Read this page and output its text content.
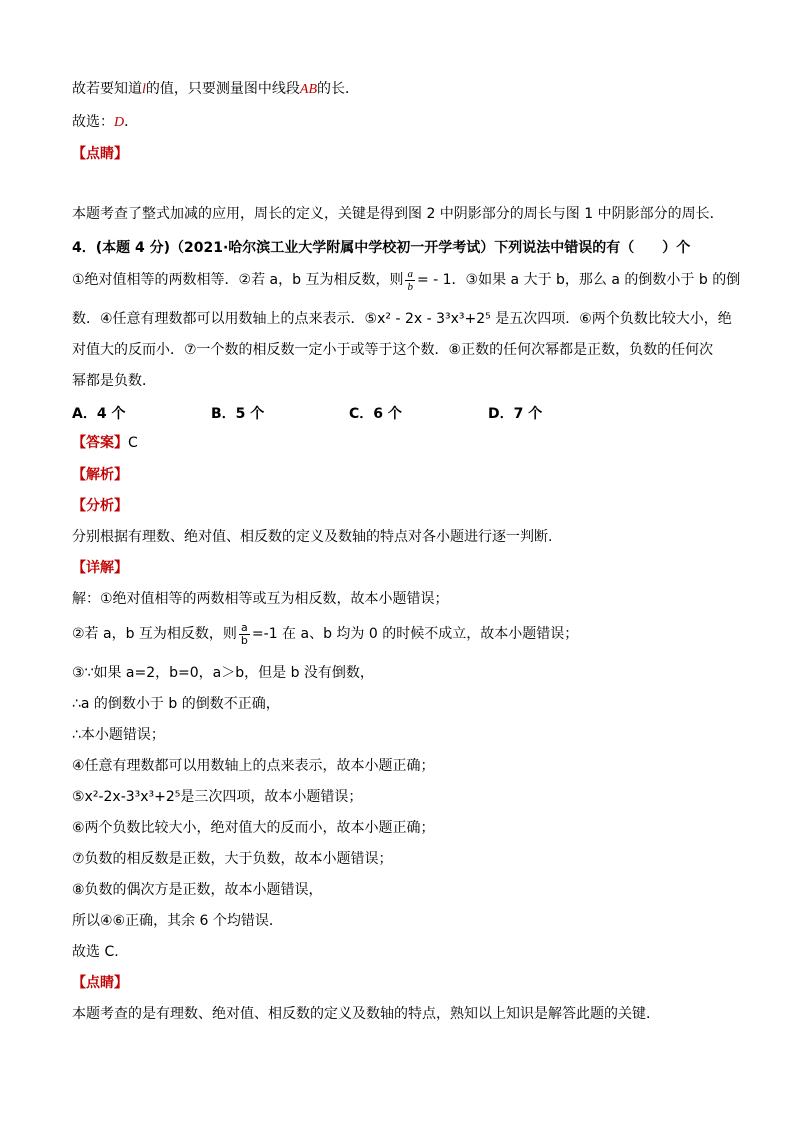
故若要知道l的值，只要测量图中线段AB的长．
故选：D．
【点睛】
本题考查了整式加减的应用，周长的定义，关键是得到图 2 中阴影部分的周长与图 1 中阴影部分的周长．
4．(本题 4 分)（2021·哈尔滨工业大学附属中学校初一开学考试）下列说法中错误的有（　　）个
①绝对值相等的两数相等．②若 a，b 互为相反数，则 $\frac{a}{b}$ = - 1．③如果 a 大于 b，那么 a 的倒数小于 b 的倒
数．④任意有理数都可以用数轴上的点来表示．⑤x² - 2x - 3³x³+2⁵ 是五次四项．⑥两个负数比较大小，绝
对值大的反而小．⑦一个数的相反数一定小于或等于这个数．⑧正数的任何次幂都是正数，负数的任何次
幂都是负数．
A．4 个	B．5 个	C．6 个	D．7 个
【答案】C
【解析】
【分析】
分别根据有理数、绝对值、相反数的定义及数轴的特点对各小题进行逐一判断.
【详解】
解：①绝对值相等的两数相等或互为相反数，故本小题错误；
②若 a，b 互为相反数，则 $\frac{a}{b} =-1$ 在 a、b 均为 0 的时候不成立，故本小题错误；
③∵如果 a=2，b=0，a＞b，但是 b 没有倒数，
∴a 的倒数小于 b 的倒数不正确，
∴本小题错误；
④任意有理数都可以用数轴上的点来表示，故本小题正确；
⑤x²-2x-3³x³+2⁵是三次四项，故本小题错误；
⑥两个负数比较大小，绝对值大的反而小，故本小题正确；
⑦负数的相反数是正数，大于负数，故本小题错误；
⑧负数的偶次方是正数，故本小题错误，
所以④⑥正确，其余 6 个均错误．
故选 C.
【点睛】
本题考查的是有理数、绝对值、相反数的定义及数轴的特点，熟知以上知识是解答此题的关键.
